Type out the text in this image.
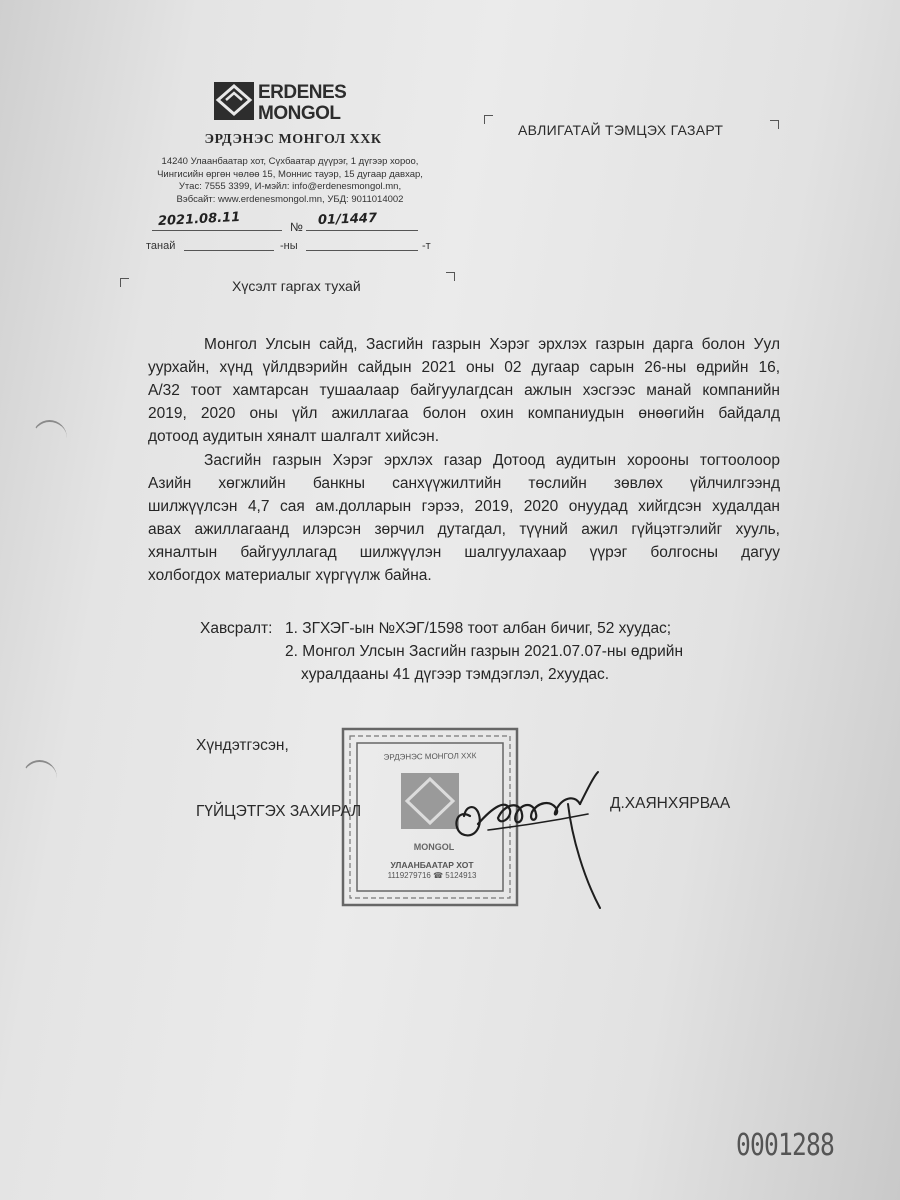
ERDENES
MONGOL
ЭРДЭНЭС МОНГОЛ ХХК
14240 Улаанбаатар хот, Сүхбаатар дүүрэг, 1 дүгээр хороо,
Чингисийн өргөн чөлөө 15, Моннис тауэр, 15 дугаар давхар,
Утас: 7555 3399, И-мэйл: info@erdenesmongol.mn,
Вэбсайт: www.erdenesmongol.mn, УБД: 9011014002
2021.08.11	№ 01/1447
танай	-ны	-т
АВЛИГАТАЙ ТЭМЦЭХ ГАЗАРТ
Хүсэлт гаргах тухай
Монгол Улсын сайд, Засгийн газрын Хэрэг эрхлэх газрын дарга болон Уул
уурхайн, хүнд үйлдвэрийн сайдын 2021 оны 02 дугаар сарын 26-ны өдрийн 16,
А/32 тоот хамтарсан тушаалаар байгуулагдсан ажлын хэсгээс манай компанийн
2019, 2020 оны үйл ажиллагаа болон охин компаниудын өнөөгийн байдалд
дотоод аудитын хяналт шалгалт хийсэн.
Засгийн газрын Хэрэг эрхлэх газар Дотоод аудитын хорооны тогтоолоор
Азийн хөгжлийн банкны санхүүжилтийн төслийн зөвлөх үйлчилгээнд
шилжүүлсэн 4,7 сая ам.долларын гэрээ, 2019, 2020 онуудад хийгдсэн худалдан
авах ажиллагаанд илэрсэн зөрчил дутагдал, түүний ажил гүйцэтгэлийг хууль,
хяналтын байгууллагад шилжүүлэн шалгуулахаар үүрэг болгосны дагуу
холбогдох материалыг хүргүүлж байна.
Хавсралт: 1. ЗГХЭГ-ын №ХЭГ/1598 тоот албан бичиг, 52 хуудас;
2. Монгол Улсын Засгийн газрын 2021.07.07-ны өдрийн
хуралдааны 41 дүгээр тэмдэглэл, 2хуудас.
Хүндэтгэсэн,
ЭРДЭНЭС МОНГОЛ ХХК
MONGOL
УЛААНБААТАР ХОТ
1119279716 ☎ 5124913
ГҮЙЦЭТГЭХ ЗАХИРАЛ	Д.ХАЯНХЯРВАА
0001288
